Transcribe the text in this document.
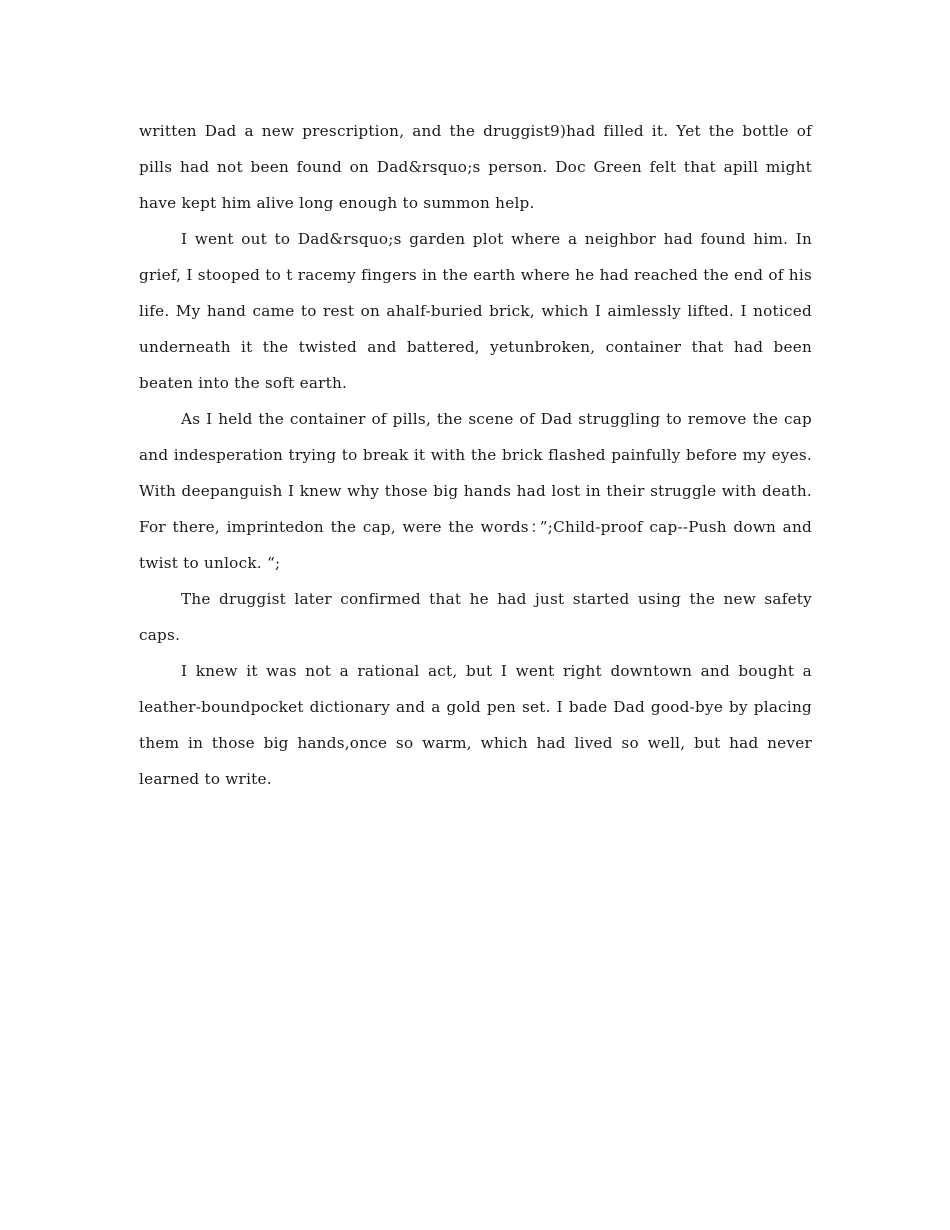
written Dad a new prescription, and the druggist9)had filled it. Yet the bottle of pills had not been found on Dad&rsquo;s person. Doc Green felt that apill might have kept him alive long enough to summon help.

I went out to Dad&rsquo;s garden plot where a neighbor had found him. In grief, I stooped to t racemy fingers in the earth where he had reached the end of his life. My hand came to rest on ahalf-buried brick, which I aimlessly lifted. I noticed underneath it the twisted and battered, yetunbroken, container that had been beaten into the soft earth.

As I held the container of pills, the scene of Dad struggling to remove the cap and indesperation trying to break it with the brick flashed painfully before my eyes. With deepanguish I knew why those big hands had lost in their struggle with death. For there, imprintedon the cap, were the words：”;Child-proof cap--Push down and twist to unlock. “;

The druggist later confirmed that he had just started using the new safety caps.

I knew it was not a rational act, but I went right downtown and bought a leather-boundpocket dictionary and a gold pen set. I bade Dad good-bye by placing them in those big hands,once so warm, which had lived so well, but had never learned to write.
